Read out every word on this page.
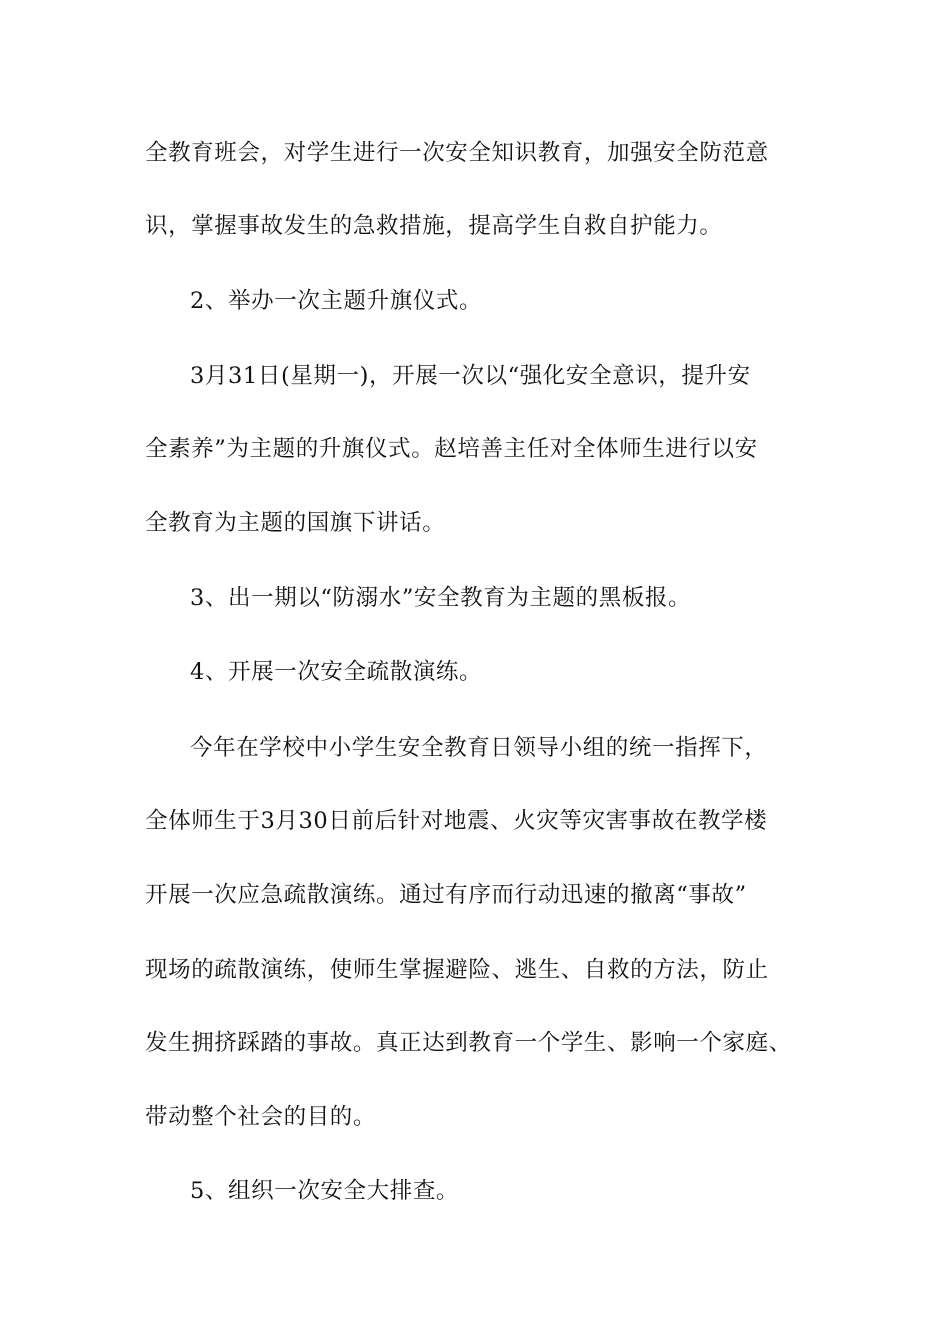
全教育班会，对学生进行一次安全知识教育，加强安全防范意
识，掌握事故发生的急救措施，提高学生自救自护能力。
2、举办一次主题升旗仪式。
3月31日(星期一)，开展一次以“强化安全意识，提升安
全素养”为主题的升旗仪式。赵培善主任对全体师生进行以安
全教育为主题的国旗下讲话。
3、出一期以“防溺水”安全教育为主题的黑板报。
4、开展一次安全疏散演练。
今年在学校中小学生安全教育日领导小组的统一指挥下，
全体师生于3月30日前后针对地震、火灾等灾害事故在教学楼
开展一次应急疏散演练。通过有序而行动迅速的撤离“事故”
现场的疏散演练，使师生掌握避险、逃生、自救的方法，防止
发生拥挤踩踏的事故。真正达到教育一个学生、影响一个家庭、
带动整个社会的目的。
5、组织一次安全大排查。
